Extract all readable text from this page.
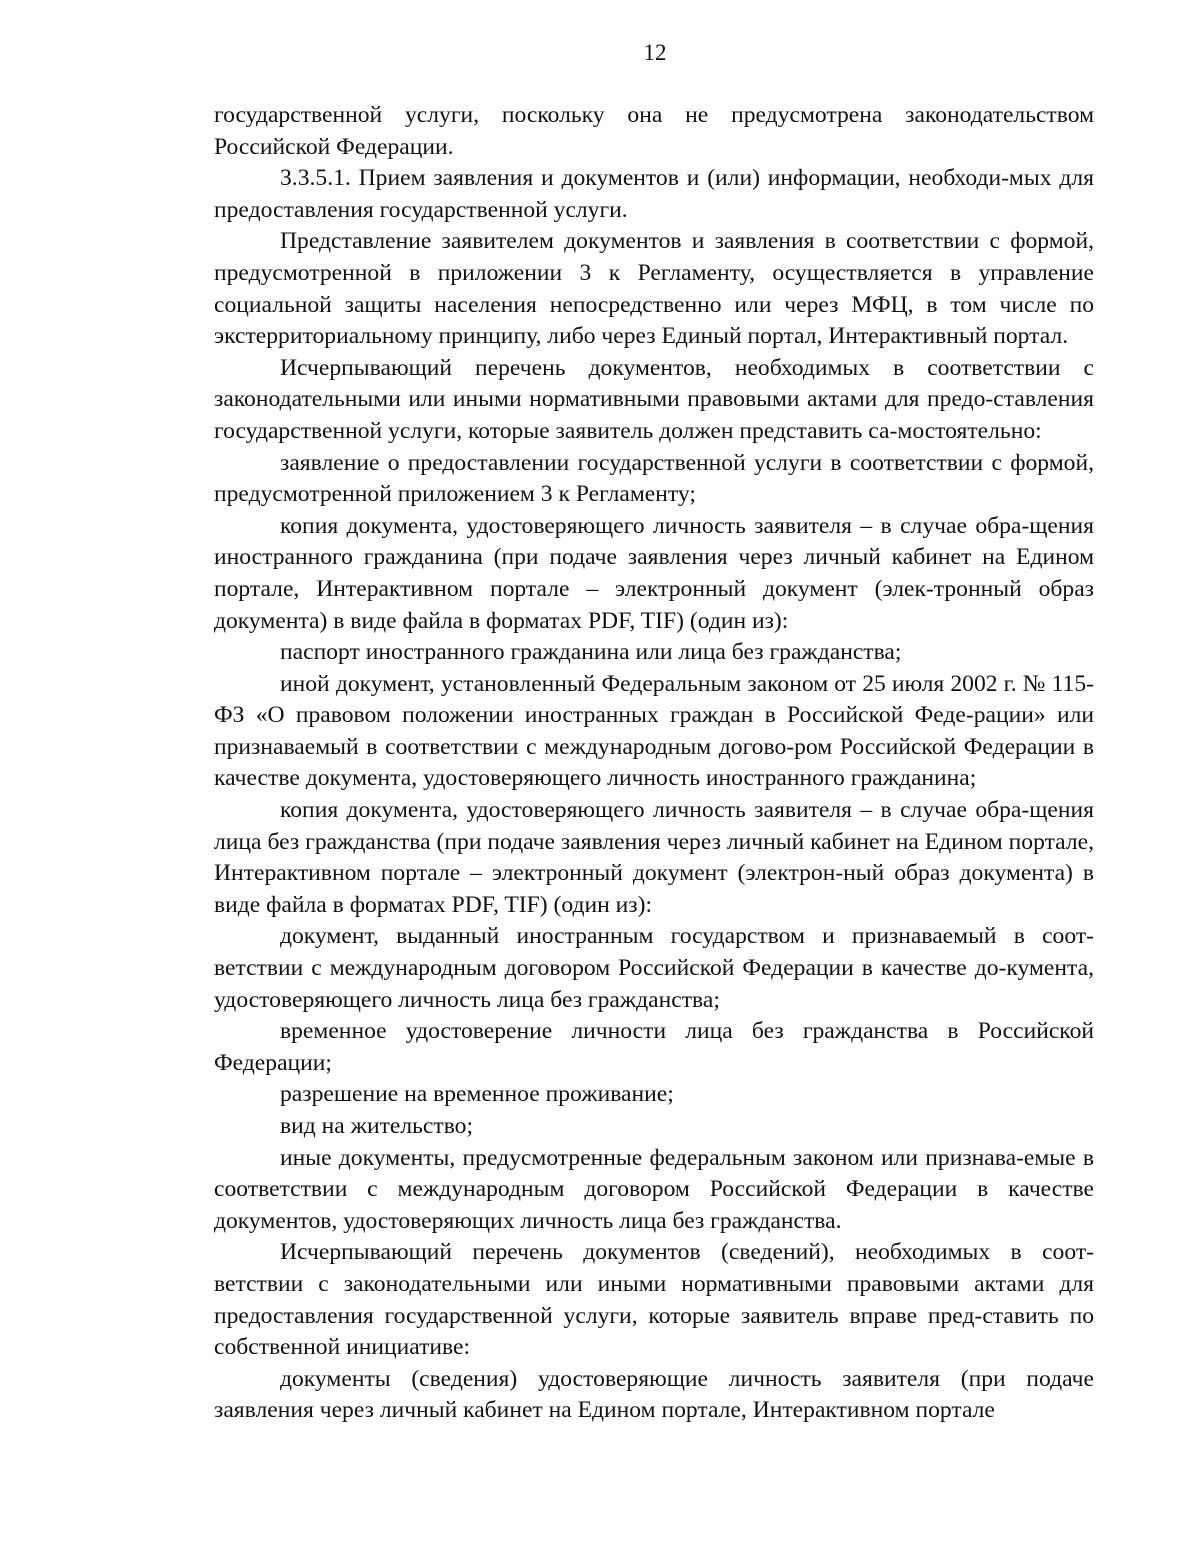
12

государственной услуги, поскольку она не предусмотрена законодательством Российской Федерации.

3.3.5.1. Прием заявления и документов и (или) информации, необходи-мых для предоставления государственной услуги.

Представление заявителем документов и заявления в соответствии с формой, предусмотренной в приложении 3 к Регламенту, осуществляется в управление социальной защиты населения непосредственно или через МФЦ, в том числе по экстерриториальному принципу, либо через Единый портал, Интерактивный портал.

Исчерпывающий перечень документов, необходимых в соответствии с законодательными или иными нормативными правовыми актами для предо-ставления государственной услуги, которые заявитель должен представить са-мостоятельно:

заявление о предоставлении государственной услуги в соответствии с формой, предусмотренной приложением 3 к Регламенту;

копия документа, удостоверяющего личность заявителя – в случае обра-щения иностранного гражданина (при подаче заявления через личный кабинет на Едином портале, Интерактивном портале – электронный документ (элек-тронный образ документа) в виде файла в форматах PDF, TIF) (один из):

паспорт иностранного гражданина или лица без гражданства;

иной документ, установленный Федеральным законом от 25 июля 2002 г. № 115-ФЗ «О правовом положении иностранных граждан в Российской Феде-рации» или признаваемый в соответствии с международным догово-ром Российской Федерации в качестве документа, удостоверяющего личность иностранного гражданина;

копия документа, удостоверяющего личность заявителя – в случае обра-щения лица без гражданства (при подаче заявления через личный кабинет на Едином портале, Интерактивном портале – электронный документ (электрон-ный образ документа) в виде файла в форматах PDF, TIF) (один из):

документ, выданный иностранным государством и признаваемый в соот-ветствии с международным договором Российской Федерации в качестве до-кумента, удостоверяющего личность лица без гражданства;

временное удостоверение личности лица без гражданства в Российской Федерации;

разрешение на временное проживание;

вид на жительство;

иные документы, предусмотренные федеральным законом или признава-емые в соответствии с международным договором Российской Федерации в качестве документов, удостоверяющих личность лица без гражданства.

Исчерпывающий перечень документов (сведений), необходимых в соот-ветствии с законодательными или иными нормативными правовыми актами для предоставления государственной услуги, которые заявитель вправе пред-ставить по собственной инициативе:

документы (сведения) удостоверяющие личность заявителя (при подаче заявления через личный кабинет на Едином портале, Интерактивном портале
